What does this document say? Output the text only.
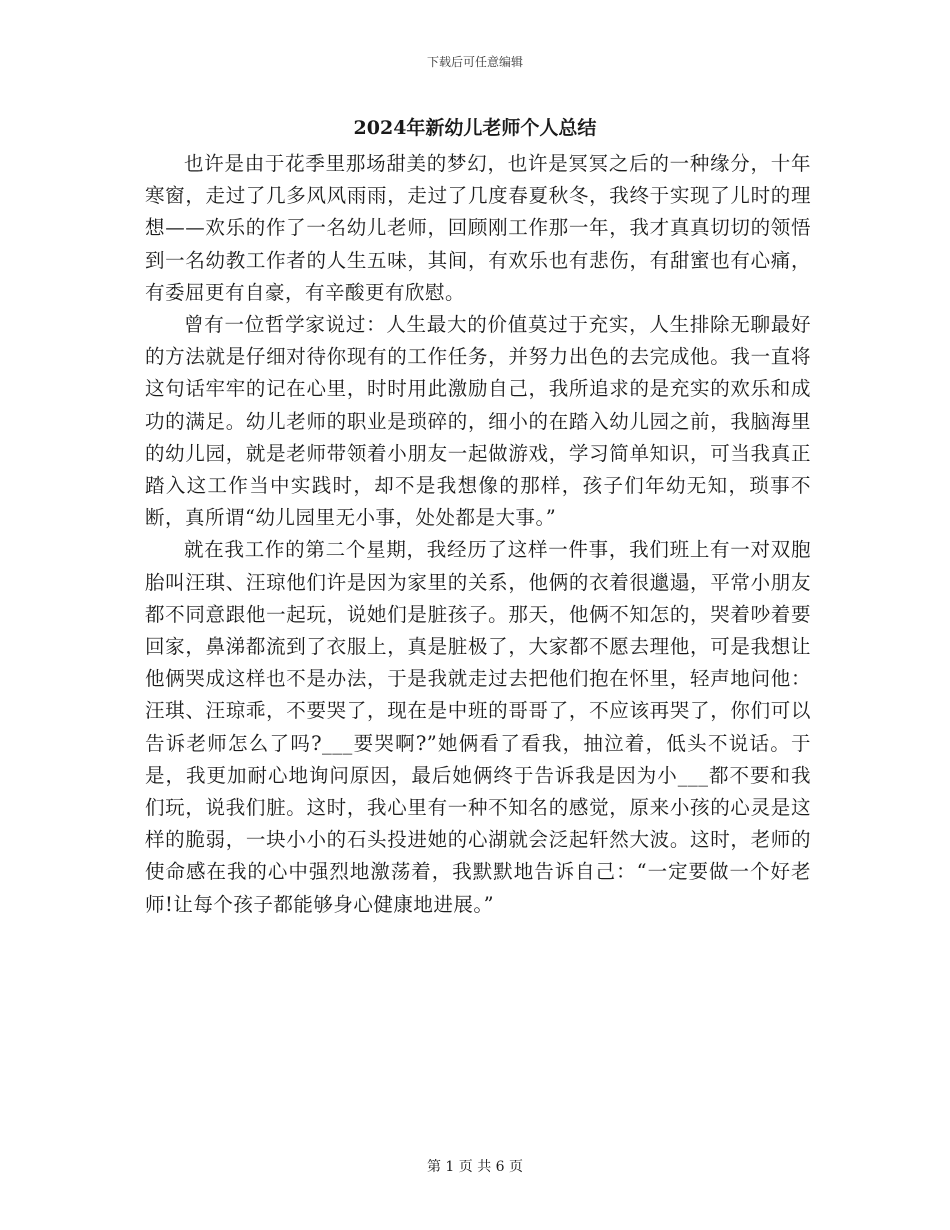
下载后可任意编辑
2024年新幼儿老师个人总结

也许是由于花季里那场甜美的梦幻，也许是冥冥之后的一种缘分，十年寒窗，走过了几多风风雨雨，走过了几度春夏秋冬，我终于实现了儿时的理想——欢乐的作了一名幼儿老师，回顾刚工作那一年，我才真真切切的领悟到一名幼教工作者的人生五味，其间，有欢乐也有悲伤，有甜蜜也有心痛，有委屈更有自豪，有辛酸更有欣慰。

曾有一位哲学家说过：人生最大的价值莫过于充实，人生排除无聊最好的方法就是仔细对待你现有的工作任务，并努力出色的去完成他。我一直将这句话牢牢的记在心里，时时用此激励自己，我所追求的是充实的欢乐和成功的满足。幼儿老师的职业是琐碎的，细小的在踏入幼儿园之前，我脑海里的幼儿园，就是老师带领着小朋友一起做游戏，学习简单知识，可当我真正踏入这工作当中实践时，却不是我想像的那样，孩子们年幼无知，琐事不断，真所谓“幼儿园里无小事，处处都是大事。”

就在我工作的第二个星期，我经历了这样一件事，我们班上有一对双胞胎叫汪琪、汪琼他们许是因为家里的关系，他俩的衣着很邋遢，平常小朋友都不同意跟他一起玩，说她们是脏孩子。那天，他俩不知怎的，哭着吵着要回家，鼻涕都流到了衣服上，真是脏极了，大家都不愿去理他，可是我想让他俩哭成这样也不是办法，于是我就走过去把他们抱在怀里，轻声地问他：汪琪、汪琼乖，不要哭了，现在是中班的哥哥了，不应该再哭了，你们可以告诉老师怎么了吗?___要哭啊?”她俩看了看我，抽泣着，低头不说话。于是，我更加耐心地询问原因，最后她俩终于告诉我是因为小___都不要和我们玩，说我们脏。这时，我心里有一种不知名的感觉，原来小孩的心灵是这样的脆弱，一块小小的石头投进她的心湖就会泛起轩然大波。这时，老师的使命感在我的心中强烈地激荡着，我默默地告诉自己：“一定要做一个好老师!让每个孩子都能够身心健康地进展。”

第 1 页 共 6 页
